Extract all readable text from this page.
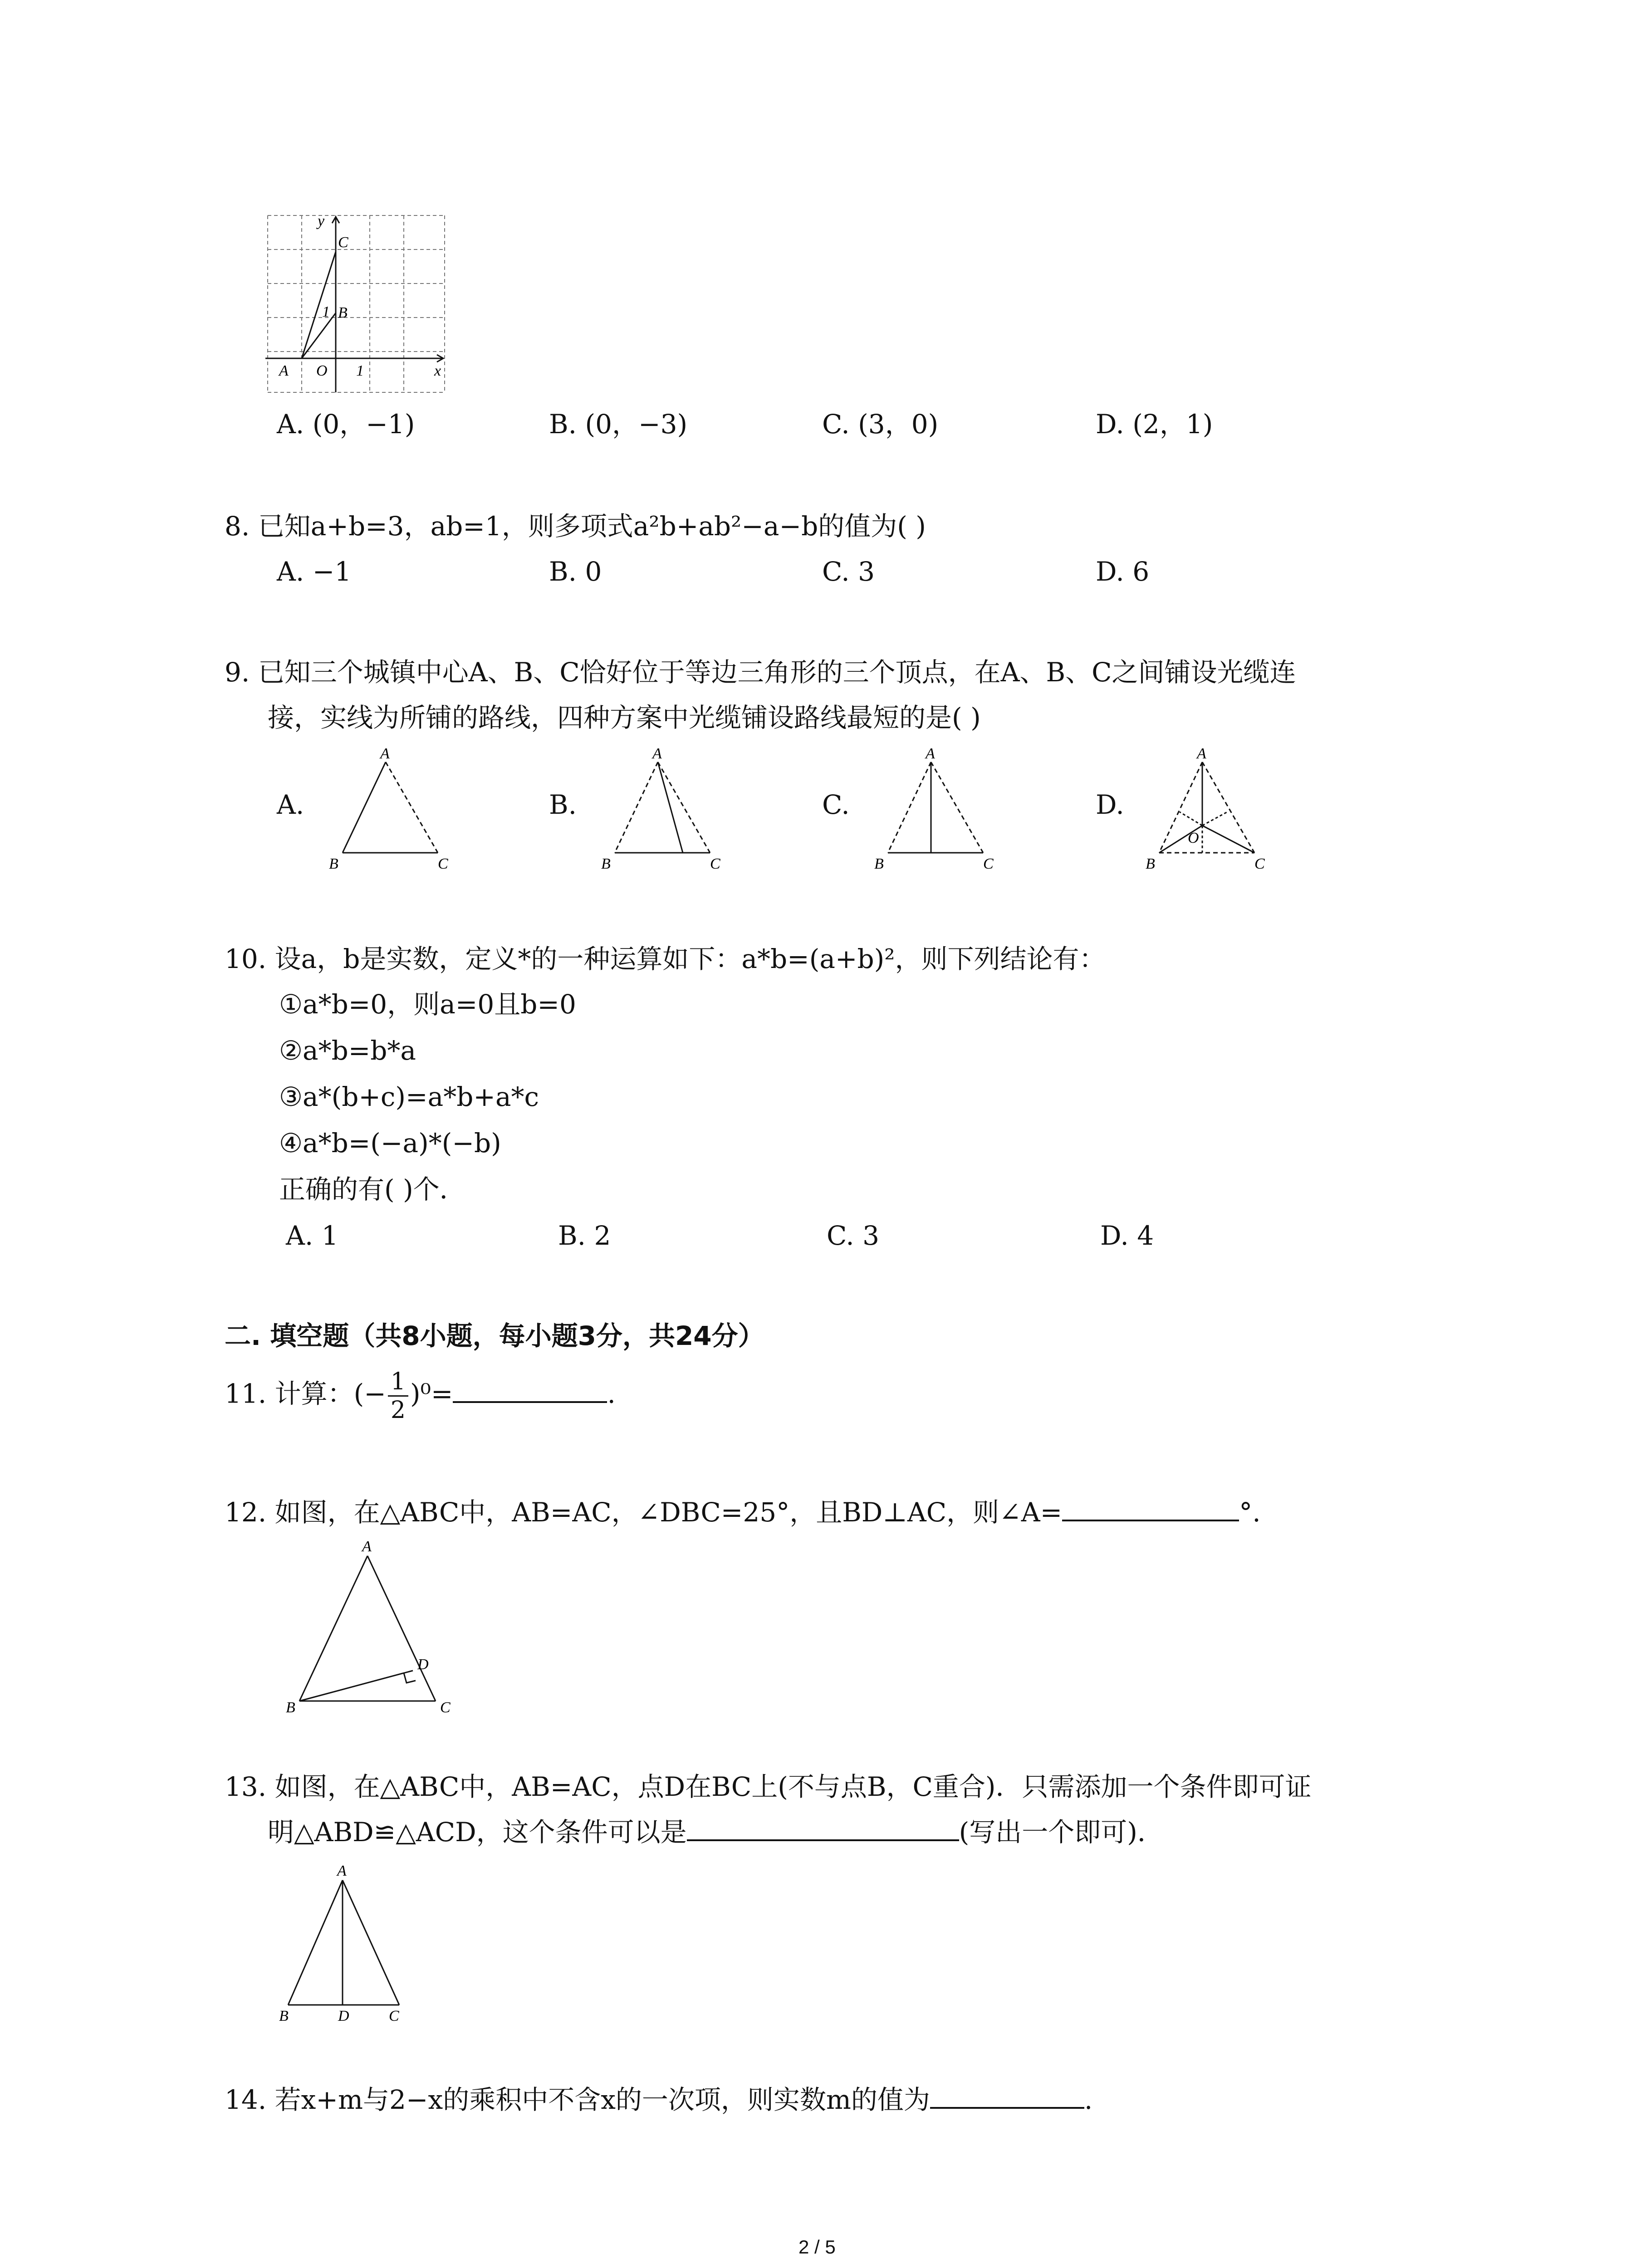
y
C
B
1
A O 1	x
A. (0，−1)	B. (0，−3)	C. (3，0)	D. (2，1)
8. 已知a+b=3，ab=1，则多项式a²b+ab²−a−b的值为( )
A. −1	B. 0	C. 3	D. 6
9. 已知三个城镇中心A、B、C恰好位于等边三角形的三个顶点，在A、B、C之间铺设光缆连
接，实线为所铺的路线，四种方案中光缆铺设路线最短的是( )
A.	B.	C.	D.
A
B	C
A
B	C
A
B	C
A
B	C
O
10. 设a，b是实数，定义*的一种运算如下：a*b=(a+b)²，则下列结论有：
①a*b=0，则a=0且b=0
②a*b=b*a
③a*(b+c)=a*b+a*c
④a*b=(−a)*(−b)
正确的有( )个．
A. 1	B. 2	C. 3	D. 4
二. 填空题（共8小题，每小题3分，共24分）
11. 计算：(− $\frac{1}{2} )^0=$	.
12. 如图，在△ABC中，AB=AC，∠DBC=25°，且BD⊥AC，则∠A=	°.
A
B	C
D
13. 如图，在△ABC中，AB=AC，点D在BC上(不与点B，C重合)．只需添加一个条件即可证
明△ABD≌△ACD，这个条件可以是	(写出一个即可)．
A
B	D	C
14. 若x+m与2−x的乘积中不含x的一次项，则实数m的值为	.
2 / 5
